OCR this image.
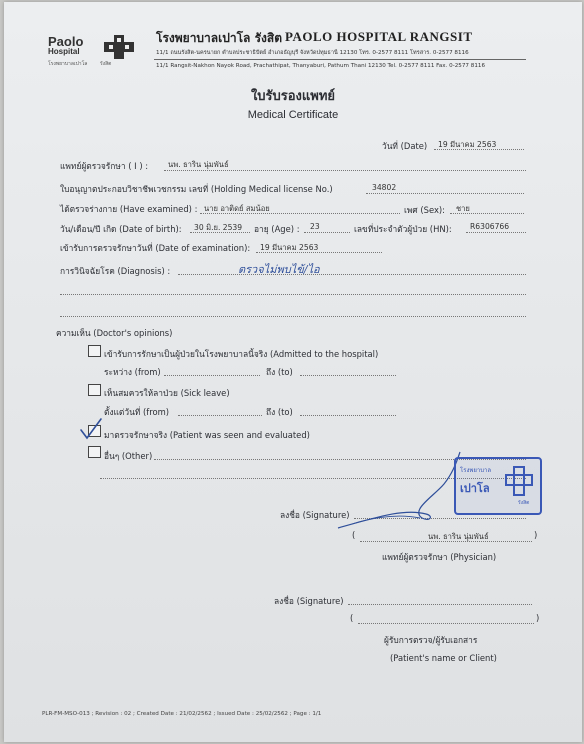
Paolo
Hospital
โรงพยาบาลเปาโล	รังสิต
โรงพยาบาลเปาโล รังสิต PAOLO HOSPITAL RANGSIT
11/1 ถนนรังสิต-นครนายก ตำบลประชาธิปัตย์ อำเภอธัญบุรี จังหวัดปทุมธานี 12130 โทร. 0-2577 8111 โทรสาร. 0-2577 8116
11/1 Rangsit-Nakhon Nayok Road, Prachathipat, Thanyaburi, Pathum Thani 12130 Tel. 0-2577 8111 Fax. 0-2577 8116
ใบรับรองแพทย์
Medical Certificate
วันที่ (Date) 19 มีนาคม 2563
แพทย์ผู้ตรวจรักษา ( I ) :	นพ. ธาริน นุ่มพันธ์
ใบอนุญาตประกอบวิชาชีพเวชกรรม เลขที่ (Holding Medical license No.)	34802
ได้ตรวจร่างกาย (Have examined) : นาย อาติดย์ สมน้อย	เพศ (Sex): ชาย
วัน/เดือน/ปี เกิด (Date of birth): 30 มิ.ย. 2539 อายุ (Age) : 23	เลขที่ประจำตัวผู้ป่วย (HN): R6306766
เข้ารับการตรวจรักษาวันที่ (Date of examination): 19 มีนาคม 2563
การวินิจฉัยโรค (Diagnosis) :	ตรวจไม่พบไข้/ไอ
ความเห็น (Doctor's opinions)
เข้ารับการรักษาเป็นผู้ป่วยในโรงพยาบาลนี้จริง (Admitted to the hospital)
ระหว่าง (from)	ถึง (to)
เห็นสมควรให้ลาป่วย (Sick leave)
ตั้งแต่วันที่ (from)	ถึง (to)
มาตรวจรักษาจริง (Patient was seen and evaluated)
อื่นๆ (Other)
ลงชื่อ (Signature)
(	นพ. ธาริน นุ่มพันธ์	)
แพทย์ผู้ตรวจรักษา (Physician)
โรงพยาบาล
เปาโล
รังสิต
ลงชื่อ (Signature)
(	)
ผู้รับการตรวจ/ผู้รับเอกสาร
(Patient's name or Client)
PLR-FM-MSO-013 ; Revision : 02 ; Created Date : 21/02/2562 ; Issued Date : 25/02/2562 ; Page : 1/1
